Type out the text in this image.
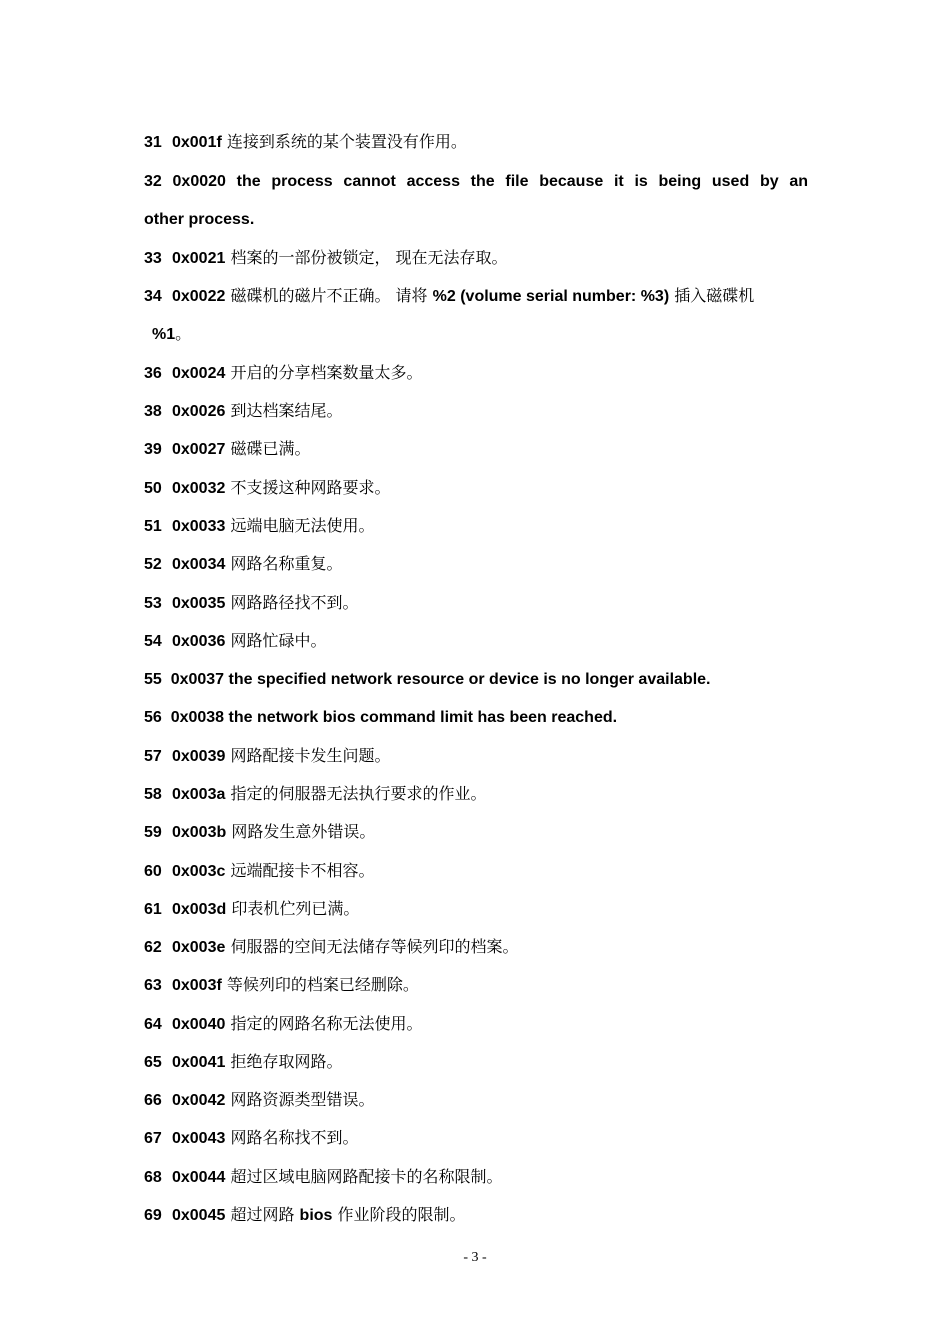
31 0x001f 连接到系统的某个装置没有作用。
32 0x0020 the process cannot access the file because it is being used by an
other process.
33 0x0021 档案的一部份被锁定， 现在无法存取。
34 0x0022 磁碟机的磁片不正确。 请将 %2 (volume serial number: %3) 插入磁碟机
%1。
36 0x0024 开启的分享档案数量太多。
38 0x0026 到达档案结尾。
39 0x0027 磁碟已满。
50 0x0032 不支援这种网路要求。
51 0x0033 远端电脑无法使用。
52 0x0034 网路名称重复。
53 0x0035 网路路径找不到。
54 0x0036 网路忙碌中。
55 0x0037 the specified network resource or device is no longer available.
56 0x0038 the network bios command limit has been reached.
57 0x0039 网路配接卡发生问题。
58 0x003a 指定的伺服器无法执行要求的作业。
59 0x003b 网路发生意外错误。
60 0x003c 远端配接卡不相容。
61 0x003d 印表机伫列已满。
62 0x003e 伺服器的空间无法储存等候列印的档案。
63 0x003f 等候列印的档案已经删除。
64 0x0040 指定的网路名称无法使用。
65 0x0041 拒绝存取网路。
66 0x0042 网路资源类型错误。
67 0x0043 网路名称找不到。
68 0x0044 超过区域电脑网路配接卡的名称限制。
69 0x0045 超过网路 bios 作业阶段的限制。
- 3 -
